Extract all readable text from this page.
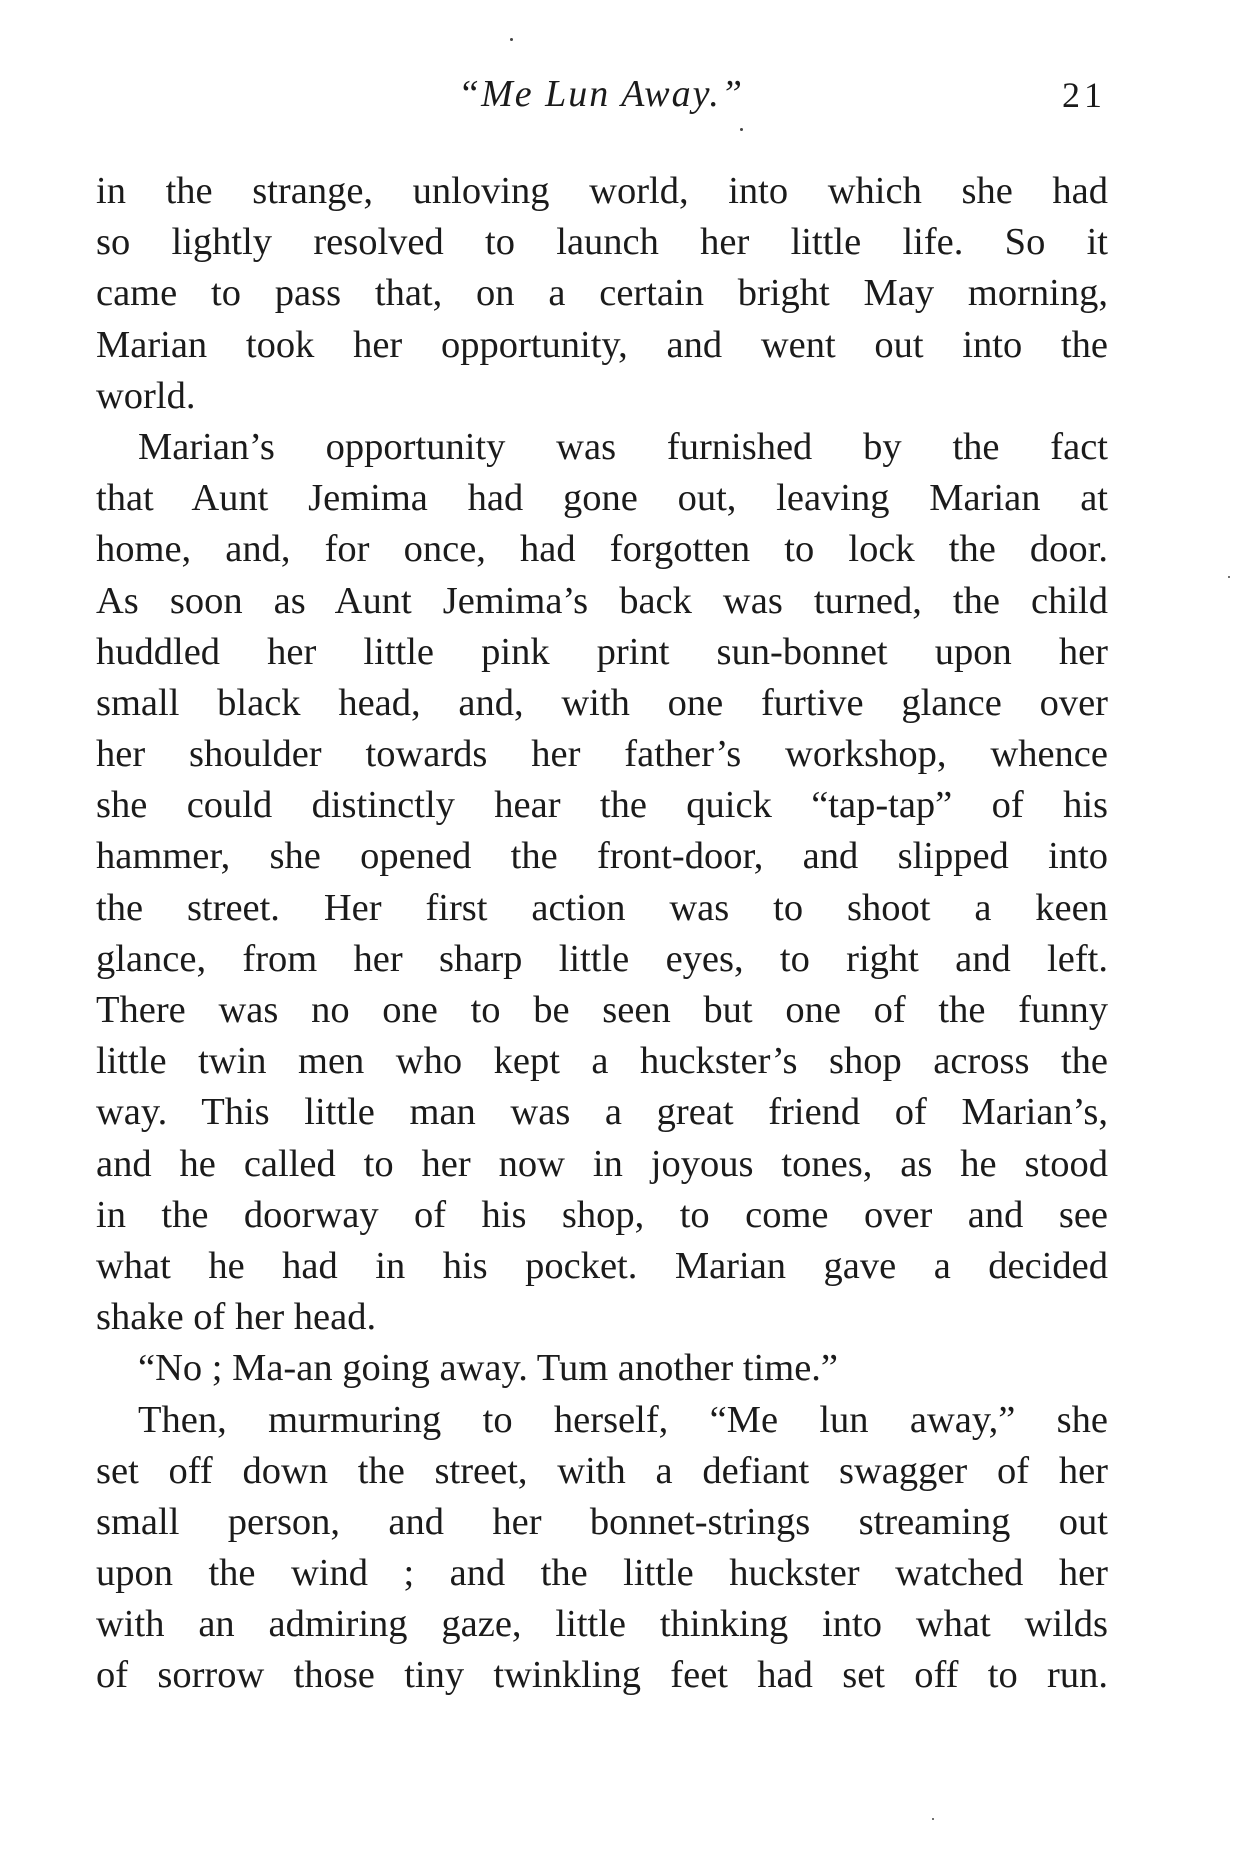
“Me Lun Away.”	21

in the strange, unloving world, into which she had
so lightly resolved to launch her little life. So it
came to pass that, on a certain bright May morning,
Marian took her opportunity, and went out into the
world.

Marian’s opportunity was furnished by the fact
that Aunt Jemima had gone out, leaving Marian at
home, and, for once, had forgotten to lock the door.
As soon as Aunt Jemima’s back was turned, the child
huddled her little pink print sun-bonnet upon her
small black head, and, with one furtive glance over
her shoulder towards her father’s workshop, whence
she could distinctly hear the quick “tap-tap” of his
hammer, she opened the front-door, and slipped into
the street. Her first action was to shoot a keen
glance, from her sharp little eyes, to right and left.
There was no one to be seen but one of the funny
little twin men who kept a huckster’s shop across the
way. This little man was a great friend of Marian’s,
and he called to her now in joyous tones, as he stood
in the doorway of his shop, to come over and see
what he had in his pocket. Marian gave a decided
shake of her head.

“No ; Ma-an going away. Tum another time.”

Then, murmuring to herself, “Me lun away,” she
set off down the street, with a defiant swagger of her
small person, and her bonnet-strings streaming out
upon the wind ; and the little huckster watched her
with an admiring gaze, little thinking into what wilds
of sorrow those tiny twinkling feet had set off to run.
